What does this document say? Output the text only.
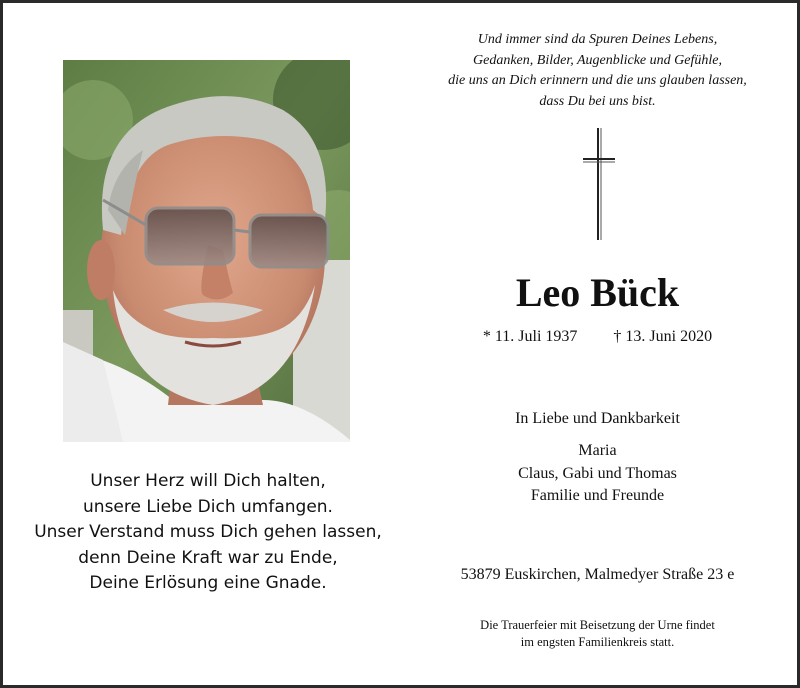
Und immer sind da Spuren Deines Lebens,
Gedanken, Bilder, Augenblicke und Gefühle,
die uns an Dich erinnern und die uns glauben lassen,
dass Du bei uns bist.
Leo Bück
* 11. Juli 1937 † 13. Juni 2020
In Liebe und Dankbarkeit
Maria
Claus, Gabi und Thomas
Familie und Freunde
53879 Euskirchen, Malmedyer Straße 23 e
Die Trauerfeier mit Beisetzung der Urne findet
im engsten Familienkreis statt.
Unser Herz will Dich halten,
unsere Liebe Dich umfangen.
Unser Verstand muss Dich gehen lassen,
denn Deine Kraft war zu Ende,
Deine Erlösung eine Gnade.
